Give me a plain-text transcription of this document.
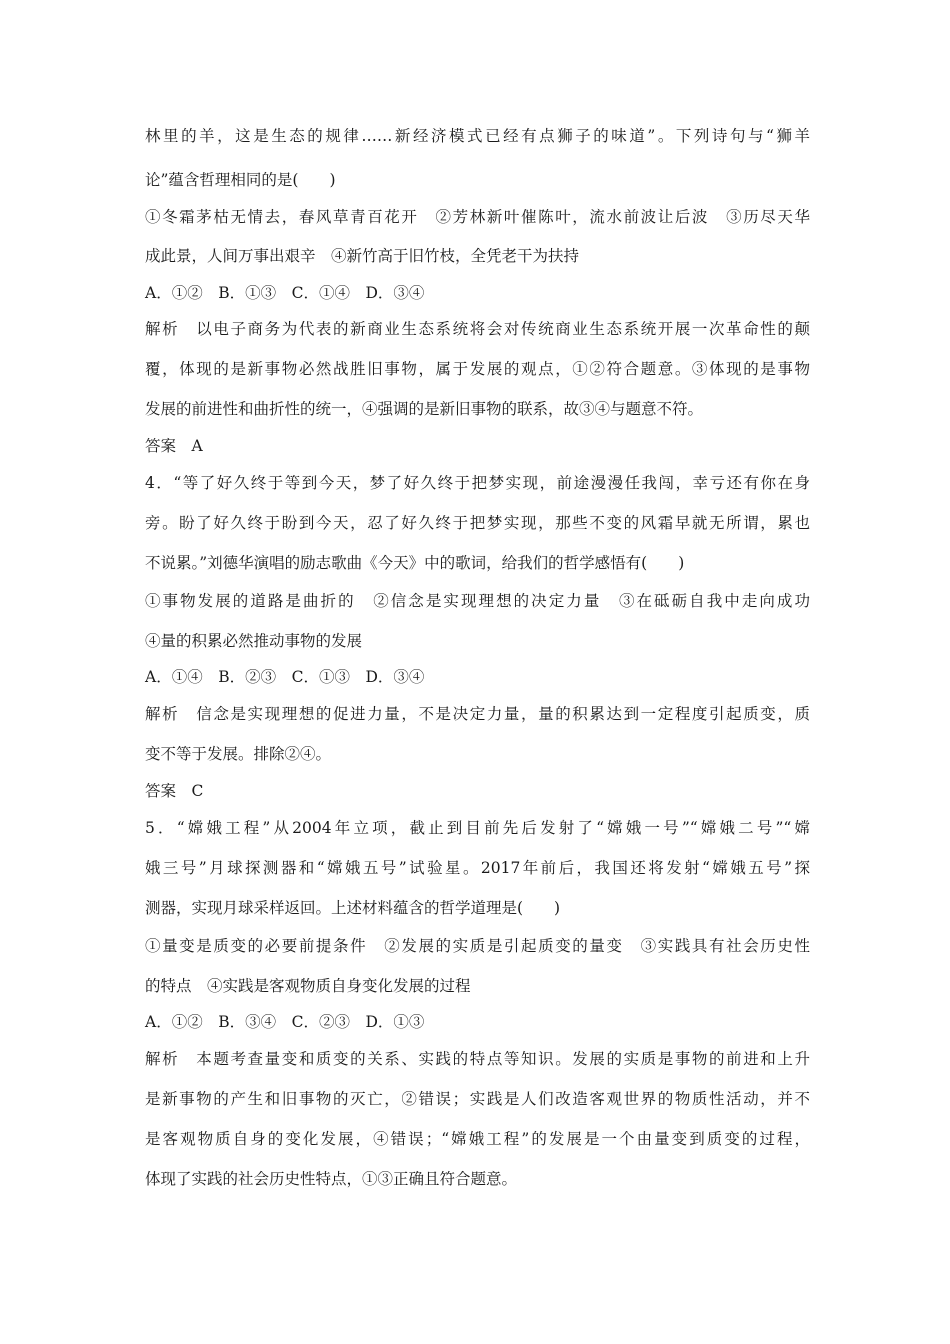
林里的羊，这是生态的规律……新经济模式已经有点狮子的味道”。下列诗句与“狮羊
论”蕴含哲理相同的是(　　)
①冬霜茅枯无情去，春风草青百花开　②芳林新叶催陈叶，流水前波让后波　③历尽天华
成此景，人间万事出艰辛　④新竹高于旧竹枝，全凭老干为扶持
A．①②　B．①③　C．①④　D．③④
解析　以电子商务为代表的新商业生态系统将会对传统商业生态系统开展一次革命性的颠
覆，体现的是新事物必然战胜旧事物，属于发展的观点，①②符合题意。③体现的是事物
发展的前进性和曲折性的统一，④强调的是新旧事物的联系，故③④与题意不符。
答案　A
4．“等了好久终于等到今天，梦了好久终于把梦实现，前途漫漫任我闯，幸亏还有你在身
旁。盼了好久终于盼到今天，忍了好久终于把梦实现，那些不变的风霜早就无所谓，累也
不说累。”刘德华演唱的励志歌曲《今天》中的歌词，给我们的哲学感悟有(　　)
①事物发展的道路是曲折的　②信念是实现理想的决定力量　③在砥砺自我中走向成功
④量的积累必然推动事物的发展
A．①④　B．②③　C．①③　D．③④
解析　信念是实现理想的促进力量，不是决定力量，量的积累达到一定程度引起质变，质
变不等于发展。排除②④。
答案　C
5．“嫦娥工程”从2004年立项，截止到目前先后发射了“嫦娥一号”“嫦娥二号”“嫦
娥三号”月球探测器和“嫦娥五号”试验星。2017年前后，我国还将发射“嫦娥五号”探
测器，实现月球采样返回。上述材料蕴含的哲学道理是(　　)
①量变是质变的必要前提条件　②发展的实质是引起质变的量变　③实践具有社会历史性
的特点　④实践是客观物质自身变化发展的过程
A．①②　B．③④　C．②③　D．①③
解析　本题考查量变和质变的关系、实践的特点等知识。发展的实质是事物的前进和上升
是新事物的产生和旧事物的灭亡，②错误；实践是人们改造客观世界的物质性活动，并不
是客观物质自身的变化发展，④错误；“嫦娥工程”的发展是一个由量变到质变的过程，
体现了实践的社会历史性特点，①③正确且符合题意。
